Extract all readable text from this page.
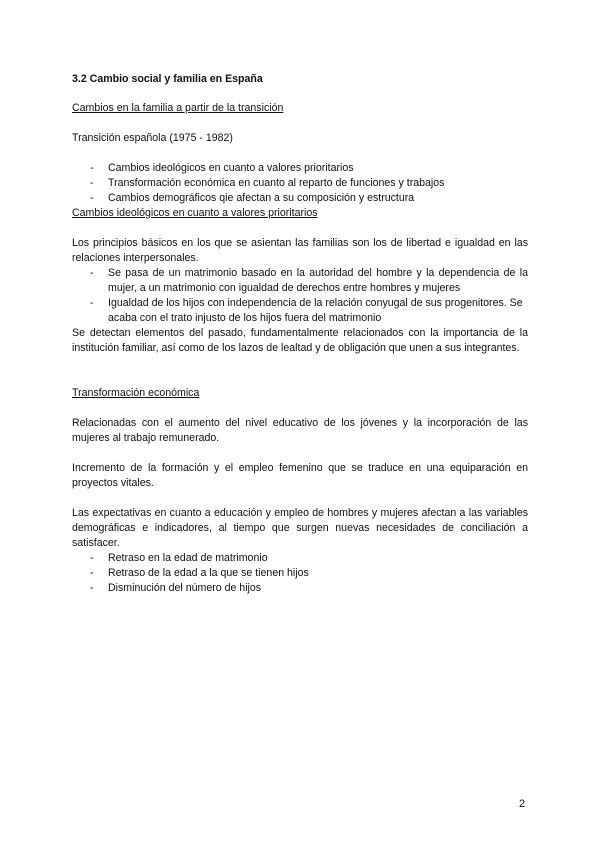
3.2 Cambio social y familia en España
Cambios en la familia a partir de la transición

Transición española (1975 - 1982)

- Cambios ideológicos en cuanto a valores prioritarios
- Transformación económica en cuanto al reparto de funciones y trabajos
- Cambios demográficos qie afectan a su composición y estructura
Cambios ideológicos en cuanto a valores prioritarios

Los principios básicos en los que se asientan las familias son los de libertad e igualdad en las relaciones interpersonales.

- Se pasa de un matrimonio basado en la autoridad del hombre y la dependencia de la mujer, a un matrimonio con igualdad de derechos entre hombres y mujeres
- Igualdad de los hijos con independencia de la relación conyugal de sus progenitores. Se acaba con el trato injusto de los hijos fuera del matrimonio

Se detectan elementos del pasado, fundamentalmente relacionados con la importancia de la institución familiar, así como de los lazos de lealtad y de obligación que unen a sus integrantes.

Transformación económica

Relacionadas con el aumento del nivel educativo de los jóvenes y la incorporación de las mujeres al trabajo remunerado.

Incremento de la formación y el empleo femenino que se traduce en una equiparación en proyectos vitales.

Las expectativas en cuanto a educación y empleo de hombres y mujeres afectan a las variables demográficas e indicadores, al tiempo que surgen nuevas necesidades de conciliación a satisfacer.

- Retraso en la edad de matrimonio
- Retraso de la edad a la que se tienen hijos
- Disminución del número de hijos
2
